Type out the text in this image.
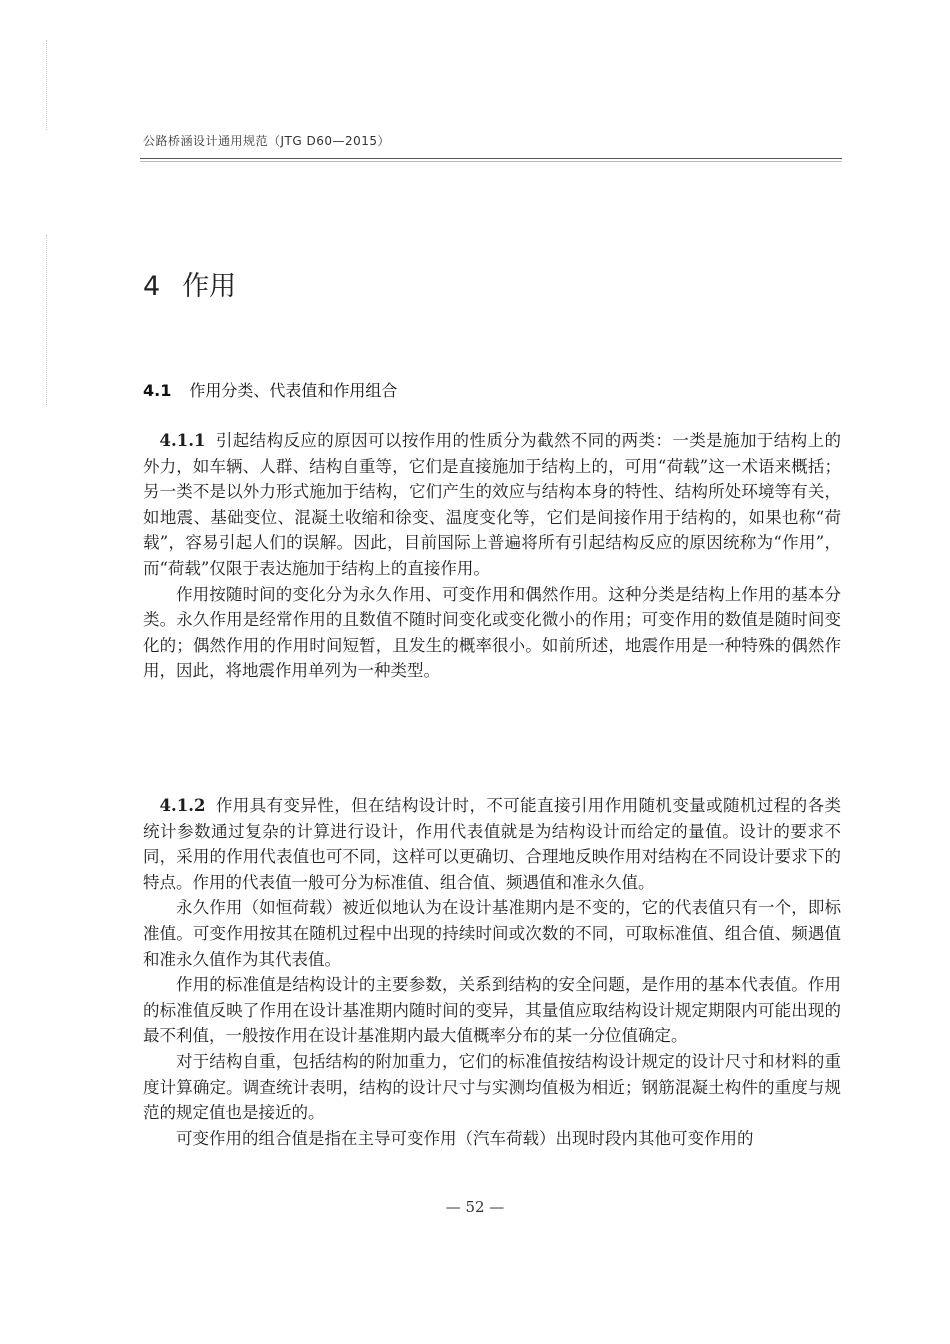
公路桥涵设计通用规范（JTG D60—2015）
4 作用
4.1 作用分类、代表值和作用组合

4.1.1 引起结构反应的原因可以按作用的性质分为截然不同的两类：一类是施加于结构上的外力，如车辆、人群、结构自重等，它们是直接施加于结构上的，可用“荷载”这一术语来概括；另一类不是以外力形式施加于结构，它们产生的效应与结构本身的特性、结构所处环境等有关，如地震、基础变位、混凝土收缩和徐变、温度变化等，它们是间接作用于结构的，如果也称“荷载”，容易引起人们的误解。因此，目前国际上普遍将所有引起结构反应的原因统称为“作用”，而“荷载”仅限于表达施加于结构上的直接作用。

作用按随时间的变化分为永久作用、可变作用和偶然作用。这种分类是结构上作用的基本分类。永久作用是经常作用的且数值不随时间变化或变化微小的作用；可变作用的数值是随时间变化的；偶然作用的作用时间短暂，且发生的概率很小。如前所述，地震作用是一种特殊的偶然作用，因此，将地震作用单列为一种类型。

4.1.2 作用具有变异性，但在结构设计时，不可能直接引用作用随机变量或随机过程的各类统计参数通过复杂的计算进行设计，作用代表值就是为结构设计而给定的量值。设计的要求不同，采用的作用代表值也可不同，这样可以更确切、合理地反映作用对结构在不同设计要求下的特点。作用的代表值一般可分为标准值、组合值、频遇值和准永久值。

永久作用（如恒荷载）被近似地认为在设计基准期内是不变的，它的代表值只有一个，即标准值。可变作用按其在随机过程中出现的持续时间或次数的不同，可取标准值、组合值、频遇值和准永久值作为其代表值。

作用的标准值是结构设计的主要参数，关系到结构的安全问题，是作用的基本代表值。作用的标准值反映了作用在设计基准期内随时间的变异，其量值应取结构设计规定期限内可能出现的最不利值，一般按作用在设计基准期内最大值概率分布的某一分位值确定。

对于结构自重，包括结构的附加重力，它们的标准值按结构设计规定的设计尺寸和材料的重度计算确定。调查统计表明，结构的设计尺寸与实测均值极为相近；钢筋混凝土构件的重度与规范的规定值也是接近的。

可变作用的组合值是指在主导可变作用（汽车荷载）出现时段内其他可变作用的

— 52 —
